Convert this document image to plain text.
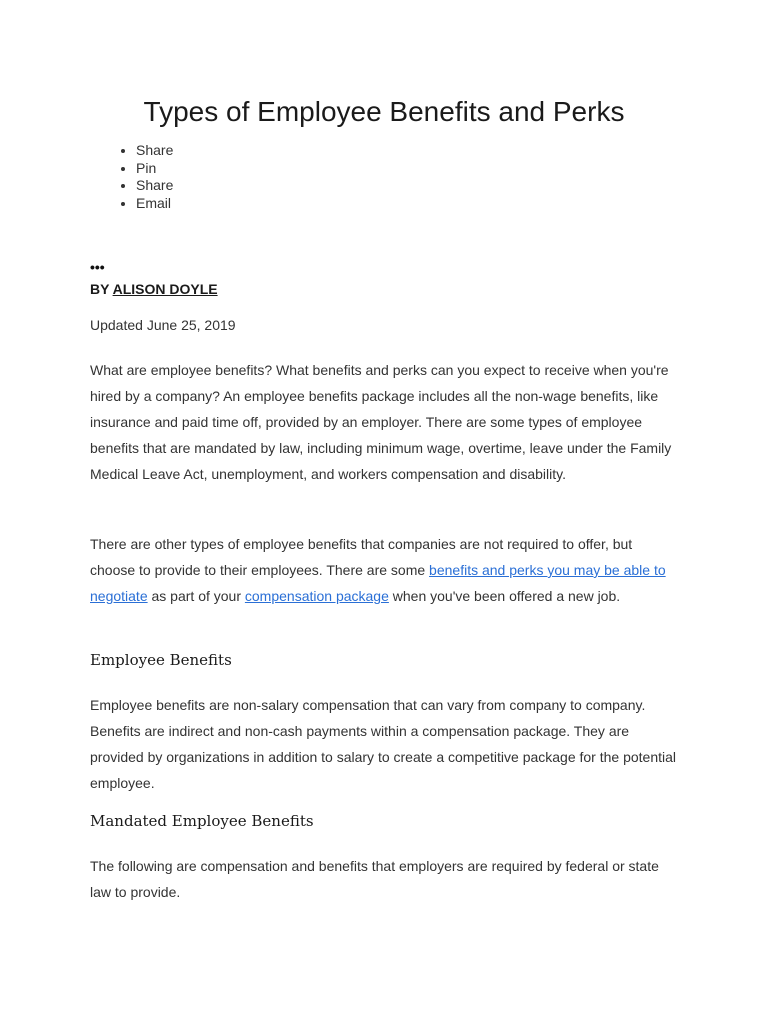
Types of Employee Benefits and Perks
• Share
• Pin
• Share
• Email
•••
BY ALISON DOYLE
Updated June 25, 2019

What are employee benefits? What benefits and perks can you expect to receive when you're hired by a company? An employee benefits package includes all the non-wage benefits, like insurance and paid time off, provided by an employer. There are some types of employee benefits that are mandated by law, including minimum wage, overtime, leave under the Family Medical Leave Act, unemployment, and workers compensation and disability.

There are other types of employee benefits that companies are not required to offer, but choose to provide to their employees. There are some benefits and perks you may be able to negotiate as part of your compensation package when you've been offered a new job.

Employee Benefits

Employee benefits are non-salary compensation that can vary from company to company. Benefits are indirect and non-cash payments within a compensation package. They are provided by organizations in addition to salary to create a competitive package for the potential employee.

Mandated Employee Benefits

The following are compensation and benefits that employers are required by federal or state law to provide.
